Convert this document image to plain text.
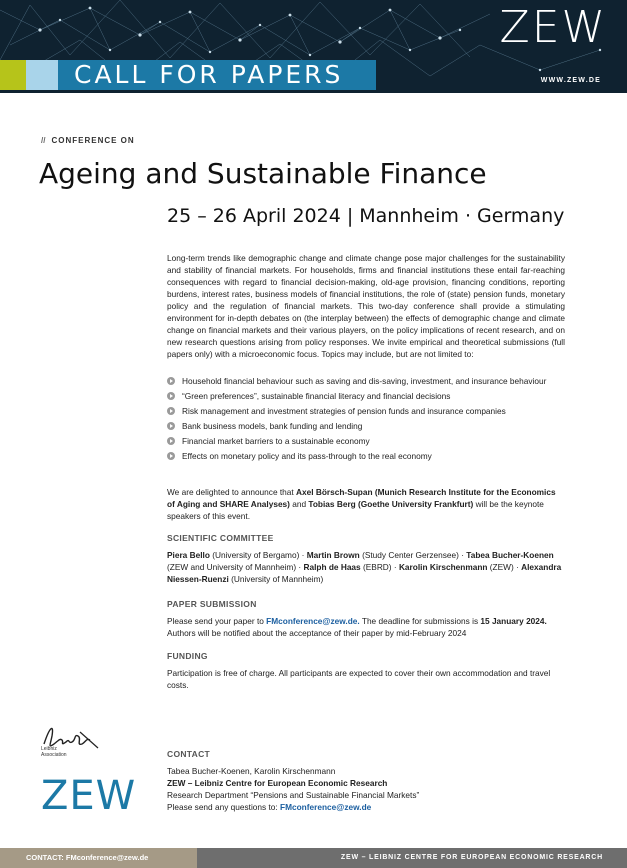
ZEW
CALL FOR PAPERS	WWW.ZEW.DE
// CONFERENCE ON
Ageing and Sustainable Finance
25 – 26 April 2024 | Mannheim · Germany
Long-term trends like demographic change and climate change pose major challenges for the sustainability and stability of financial markets. For households, firms and financial institutions these entail far-reaching consequences with regard to financial decision-making, old-age provision, financing conditions, reporting burdens, interest rates, business models of financial institutions, the role of (state) pension funds, monetary policy and the regulation of financial markets. This two-day conference shall provide a stimulating environment for in-depth debates on (the interplay between) the effects of demographic change and climate change on financial markets and their various players, on the policy implications of recent research, and on new research questions arising from policy responses. We invite empirical and theoretical submissions (full papers only) with a microeconomic focus. Topics may include, but are not limited to:
Household financial behaviour such as saving and dis-saving, investment, and insurance behaviour
“Green preferences”, sustainable financial literacy and financial decisions
Risk management and investment strategies of pension funds and insurance companies
Bank business models, bank funding and lending
Financial market barriers to a sustainable economy
Effects on monetary policy and its pass-through to the real economy
We are delighted to announce that Axel Börsch-Supan (Munich Research Institute for the Economics of Aging and SHARE Analyses) and Tobias Berg (Goethe University Frankfurt) will be the keynote speakers of this event.
SCIENTIFIC COMMITTEE
Piera Bello (University of Bergamo) · Martin Brown (Study Center Gerzensee) · Tabea Bucher-Koenen (ZEW and University of Mannheim) · Ralph de Haas (EBRD) · Karolin Kirschenmann (ZEW) · Alexandra Niessen-Ruenzi (University of Mannheim)
PAPER SUBMISSION
Please send your paper to FMconference@zew.de. The deadline for submissions is 15 January 2024. Authors will be notified about the acceptance of their paper by mid-February 2024
FUNDING
Participation is free of charge. All participants are expected to cover their own accommodation and travel costs.
Leibniz
Association
ZEW
CONTACT
Tabea Bucher-Koenen, Karolin Kirschenmann
ZEW – Leibniz Centre for European Economic Research
Research Department “Pensions and Sustainable Financial Markets”
Please send any questions to: FMconference@zew.de
CONTACT: FMconference@zew.de	ZEW – LEIBNIZ CENTRE FOR EUROPEAN ECONOMIC RESEARCH
